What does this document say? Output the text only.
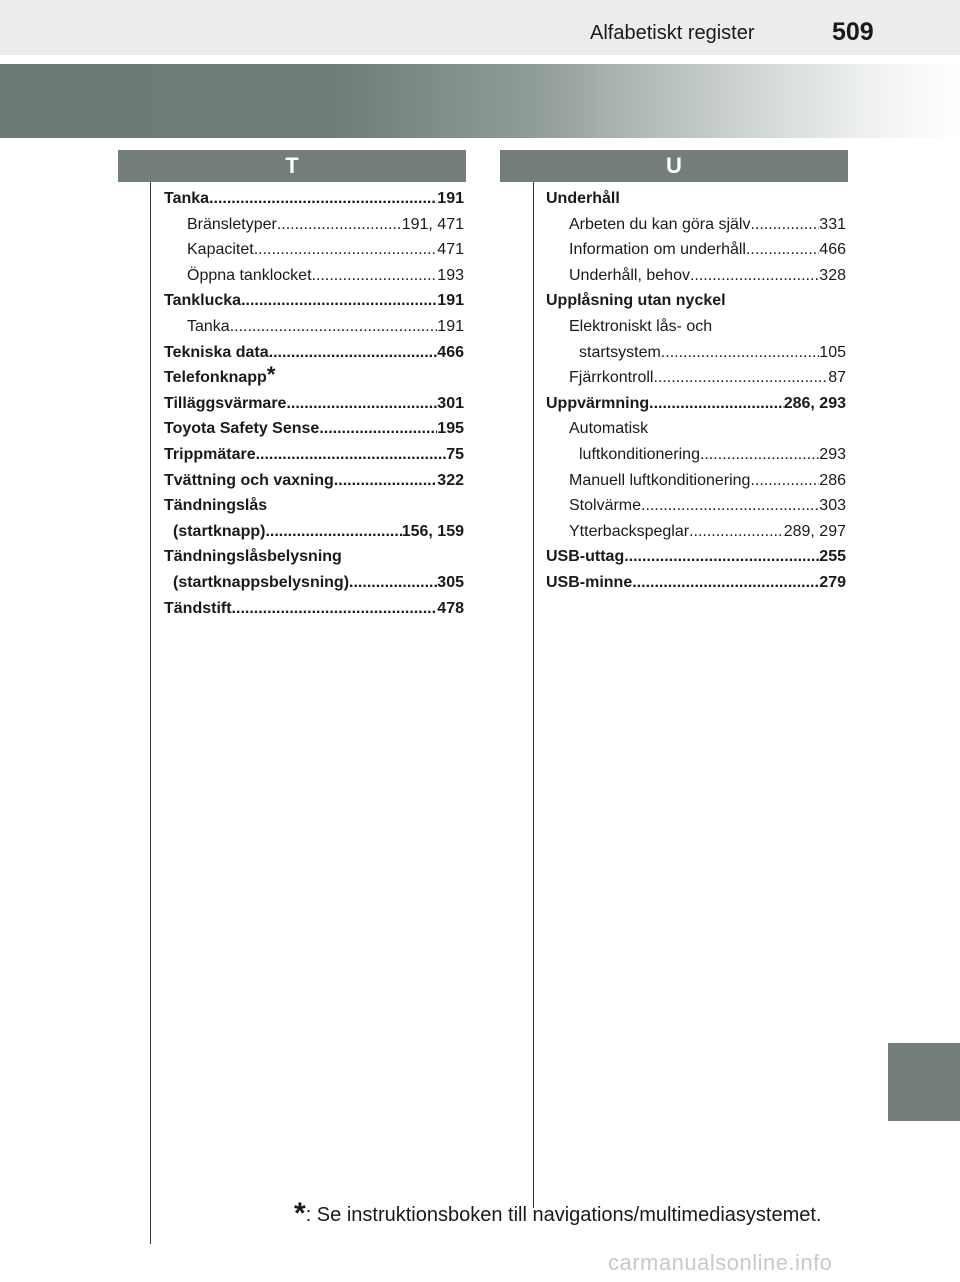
Alfabetiskt register	509
T	U
Tanka .....	191
Bränsletyper .....	191, 471
Kapacitet .....	471
Öppna tanklocket .....	193
Tanklucka .....	191
Tanka .....	191
Tekniska data .....	466
Telefonknapp *
Tilläggsvärmare .....	301
Toyota Safety Sense .....	195
Trippmätare .....	75
Tvättning och vaxning .....	322
Tändningslås
(startknapp) .....	156, 159
Tändningslåsbelysning
(startknappsbelysning) .....	305
Tändstift .....	478
Underhåll
Arbeten du kan göra själv .....	331
Information om underhåll .....	466
Underhåll, behov .....	328
Upplåsning utan nyckel
Elektroniskt lås- och
startsystem .....	105
Fjärrkontroll .....	87
Uppvärmning .....	286, 293
Automatisk
luftkonditionering .....	293
Manuell luftkonditionering .....	286
Stolvärme .....	303
Ytterbackspeglar .....	289, 297
USB-uttag .....	255
USB-minne .....	279
*: Se instruktionsboken till navigations/multimediasystemet.
carmanualsonline.info
